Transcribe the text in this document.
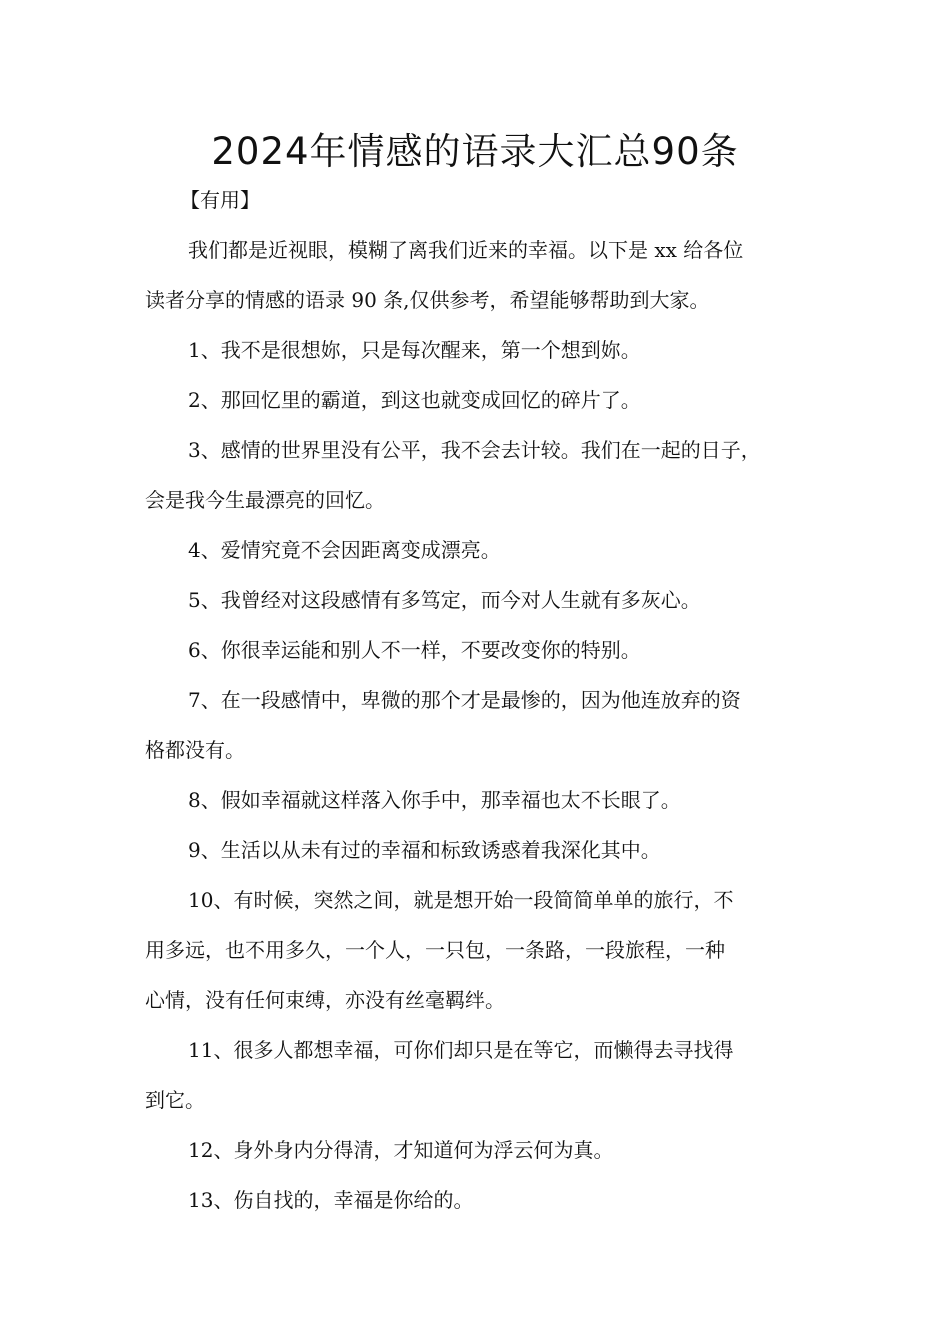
2024年情感的语录大汇总90条

【有用】

我们都是近视眼，模糊了离我们近来的幸福。以下是 xx 给各位

读者分享的情感的语录 90 条,仅供参考，希望能够帮助到大家。

1、我不是很想妳，只是每次醒来，第一个想到妳。

2、那回忆里的霸道，到这也就变成回忆的碎片了。

3、感情的世界里没有公平，我不会去计较。我们在一起的日子，

会是我今生最漂亮的回忆。

4、爱情究竟不会因距离变成漂亮。

5、我曾经对这段感情有多笃定，而今对人生就有多灰心。

6、你很幸运能和别人不一样，不要改变你的特别。

7、在一段感情中，卑微的那个才是最惨的，因为他连放弃的资

格都没有。

8、假如幸福就这样落入你手中，那幸福也太不长眼了。

9、生活以从未有过的幸福和标致诱惑着我深化其中。

10、有时候，突然之间，就是想开始一段简简单单的旅行，不

用多远，也不用多久，一个人，一只包，一条路，一段旅程，一种

心情，没有任何束缚，亦没有丝毫羁绊。

11、很多人都想幸福，可你们却只是在等它，而懒得去寻找得

到它。

12、身外身内分得清，才知道何为浮云何为真。

13、伤自找的，幸福是你给的。
